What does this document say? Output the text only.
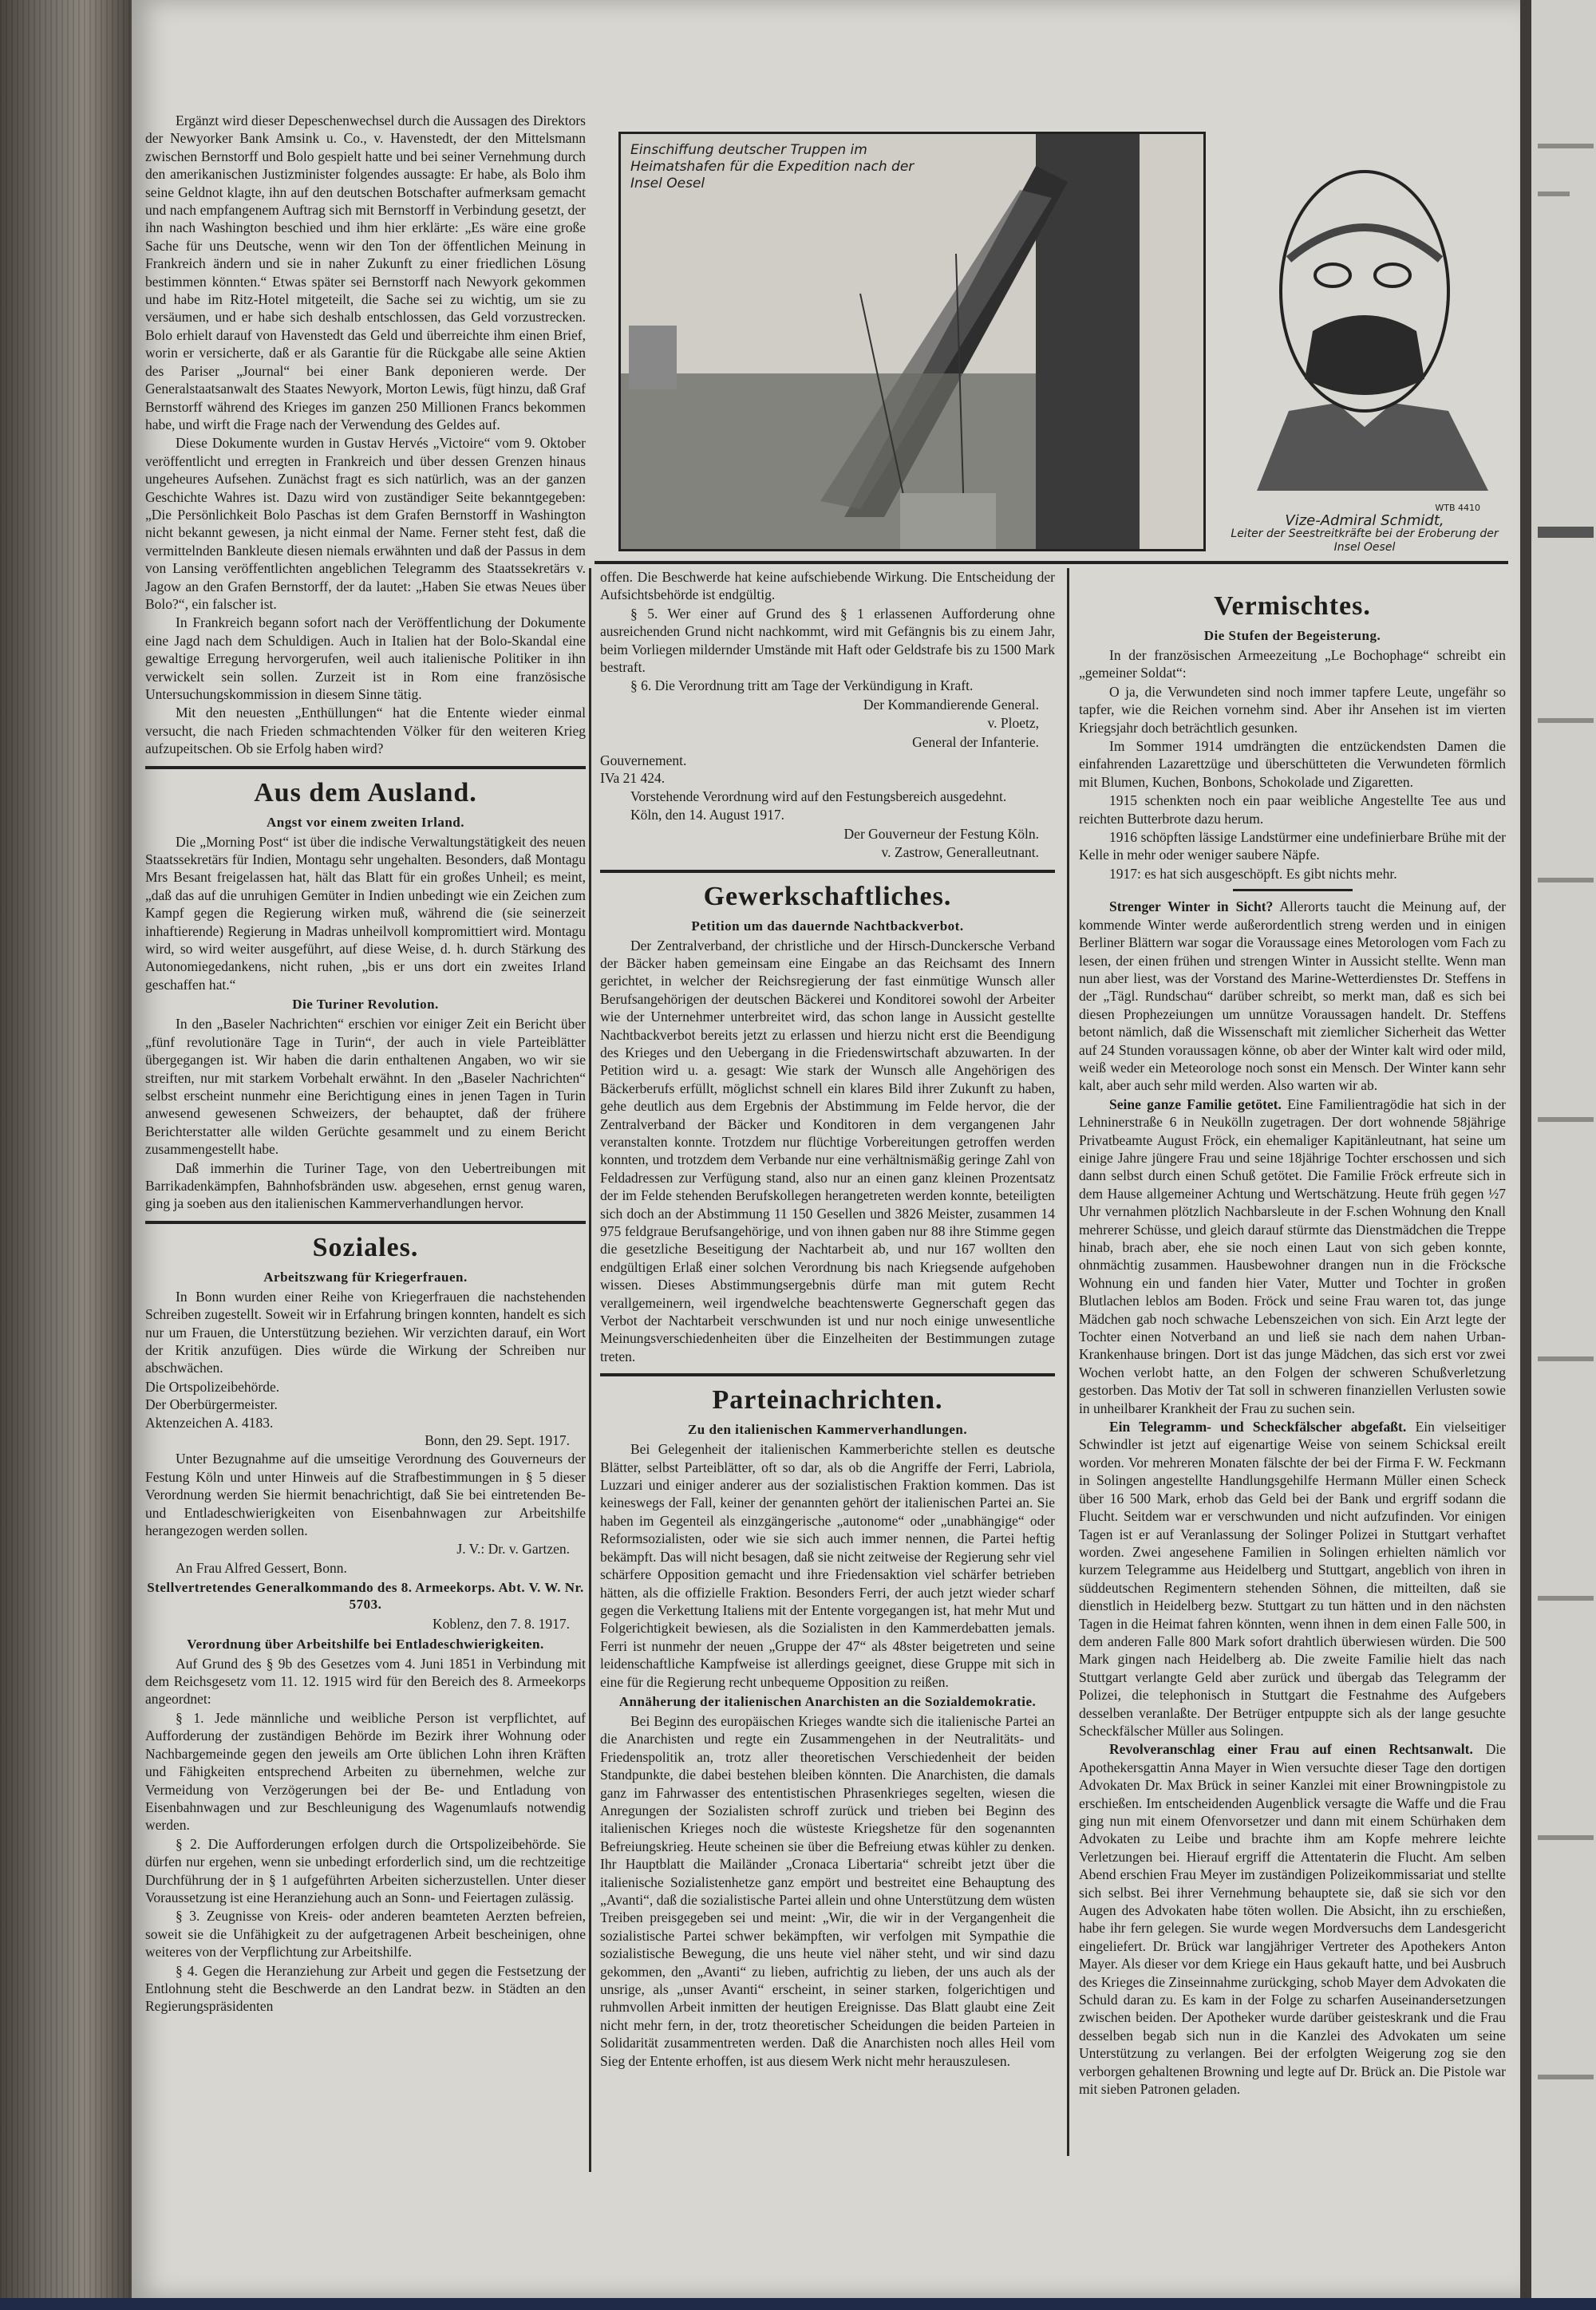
Einschiffung deutscher Truppen im Heimatshafen für die Expedition nach der Insel Oesel
WTB 4410
Vize-Admiral Schmidt,
Leiter der Seestreitkräfte bei der Eroberung der Insel Oesel
Ergänzt wird dieser Depeschenwechsel durch die Aussagen des Direktors der Newyorker Bank Amsink u. Co., v. Havenstedt, der den Mittelsmann zwischen Bernstorff und Bolo gespielt hatte und bei seiner Vernehmung durch den amerikanischen Justizminister folgendes aussagte: Er habe, als Bolo ihm seine Geldnot klagte, ihn auf den deutschen Botschafter aufmerksam gemacht und nach empfangenem Auftrag sich mit Bernstorff in Verbindung gesetzt, der ihn nach Washington beschied und ihm hier erklärte: „Es wäre eine große Sache für uns Deutsche, wenn wir den Ton der öffentlichen Meinung in Frankreich ändern und sie in naher Zukunft zu einer friedlichen Lösung bestimmen könnten.“ Etwas später sei Bernstorff nach Newyork gekommen und habe im Ritz-Hotel mitgeteilt, die Sache sei zu wichtig, um sie zu versäumen, und er habe sich deshalb entschlossen, das Geld vorzustrecken. Bolo erhielt darauf von Havenstedt das Geld und überreichte ihm einen Brief, worin er versicherte, daß er als Garantie für die Rückgabe alle seine Aktien des Pariser „Journal“ bei einer Bank deponieren werde. Der Generalstaatsanwalt des Staates Newyork, Morton Lewis, fügt hinzu, daß Graf Bernstorff während des Krieges im ganzen 250 Millionen Francs bekommen habe, und wirft die Frage nach der Verwendung des Geldes auf.
Diese Dokumente wurden in Gustav Hervés „Victoire“ vom 9. Oktober veröffentlicht und erregten in Frankreich und über dessen Grenzen hinaus ungeheures Aufsehen. Zunächst fragt es sich natürlich, was an der ganzen Geschichte Wahres ist. Dazu wird von zuständiger Seite bekanntgegeben: „Die Persönlichkeit Bolo Paschas ist dem Grafen Bernstorff in Washington nicht bekannt gewesen, ja nicht einmal der Name. Ferner steht fest, daß die vermittelnden Bankleute diesen niemals erwähnten und daß der Passus in dem von Lansing veröffentlichten angeblichen Telegramm des Staatssekretärs v. Jagow an den Grafen Bernstorff, der da lautet: „Haben Sie etwas Neues über Bolo?“, ein falscher ist.
In Frankreich begann sofort nach der Veröffentlichung der Dokumente eine Jagd nach dem Schuldigen. Auch in Italien hat der Bolo-Skandal eine gewaltige Erregung hervorgerufen, weil auch italienische Politiker in ihn verwickelt sein sollen. Zurzeit ist in Rom eine französische Untersuchungskommission in diesem Sinne tätig.
Mit den neuesten „Enthüllungen“ hat die Entente wieder einmal versucht, die nach Frieden schmachtenden Völker für den weiteren Krieg aufzupeitschen. Ob sie Erfolg haben wird?
Aus dem Ausland.
Angst vor einem zweiten Irland.
Die „Morning Post“ ist über die indische Verwaltungstätigkeit des neuen Staatssekretärs für Indien, Montagu sehr ungehalten. Besonders, daß Montagu Mrs Besant freigelassen hat, hält das Blatt für ein großes Unheil; es meint, „daß das auf die unruhigen Gemüter in Indien unbedingt wie ein Zeichen zum Kampf gegen die Regierung wirken muß, während die (sie seinerzeit inhaftierende) Regierung in Madras unheilvoll kompromittiert wird. Montagu wird, so wird weiter ausgeführt, auf diese Weise, d. h. durch Stärkung des Autonomiegedankens, nicht ruhen, „bis er uns dort ein zweites Irland geschaffen hat.“
Die Turiner Revolution.
In den „Baseler Nachrichten“ erschien vor einiger Zeit ein Bericht über „fünf revolutionäre Tage in Turin“, der auch in viele Parteiblätter übergegangen ist. Wir haben die darin enthaltenen Angaben, wo wir sie streiften, nur mit starkem Vorbehalt erwähnt. In den „Baseler Nachrichten“ selbst erscheint nunmehr eine Berichtigung eines in jenen Tagen in Turin anwesend gewesenen Schweizers, der behauptet, daß der frühere Berichterstatter alle wilden Gerüchte gesammelt und zu einem Bericht zusammengestellt habe.
Daß immerhin die Turiner Tage, von den Uebertreibungen mit Barrikadenkämpfen, Bahnhofsbränden usw. abgesehen, ernst genug waren, ging ja soeben aus den italienischen Kammerverhandlungen hervor.
Soziales.
Arbeitszwang für Kriegerfrauen.
In Bonn wurden einer Reihe von Kriegerfrauen die nachstehenden Schreiben zugestellt. Soweit wir in Erfahrung bringen konnten, handelt es sich nur um Frauen, die Unterstützung beziehen. Wir verzichten darauf, ein Wort der Kritik anzufügen. Dies würde die Wirkung der Schreiben nur abschwächen.
Die Ortspolizeibehörde.
Der Oberbürgermeister.
Aktenzeichen A. 4183.
Bonn, den 29. Sept. 1917.
Unter Bezugnahme auf die umseitige Verordnung des Gouverneurs der Festung Köln und unter Hinweis auf die Strafbestimmungen in § 5 dieser Verordnung werden Sie hiermit benachrichtigt, daß Sie bei eintretenden Be- und Entladeschwierigkeiten von Eisenbahnwagen zur Arbeitshilfe herangezogen werden sollen.
J. V.: Dr. v. Gartzen.
An Frau Alfred Gessert, Bonn.
Stellvertretendes Generalkommando des 8. Armeekorps. Abt. V. W. Nr. 5703.
Koblenz, den 7. 8. 1917.
Verordnung über Arbeitshilfe bei Entladeschwierigkeiten.
Auf Grund des § 9b des Gesetzes vom 4. Juni 1851 in Verbindung mit dem Reichsgesetz vom 11. 12. 1915 wird für den Bereich des 8. Armeekorps angeordnet:
§ 1. Jede männliche und weibliche Person ist verpflichtet, auf Aufforderung der zuständigen Behörde im Bezirk ihrer Wohnung oder Nachbargemeinde gegen den jeweils am Orte üblichen Lohn ihren Kräften und Fähigkeiten entsprechend Arbeiten zu übernehmen, welche zur Vermeidung von Verzögerungen bei der Be- und Entladung von Eisenbahnwagen und zur Beschleunigung des Wagenumlaufs notwendig werden.
§ 2. Die Aufforderungen erfolgen durch die Ortspolizeibehörde. Sie dürfen nur ergehen, wenn sie unbedingt erforderlich sind, um die rechtzeitige Durchführung der in § 1 aufgeführten Arbeiten sicherzustellen. Unter dieser Voraussetzung ist eine Heranziehung auch an Sonn- und Feiertagen zulässig.
§ 3. Zeugnisse von Kreis- oder anderen beamteten Aerzten befreien, soweit sie die Unfähigkeit zu der aufgetragenen Arbeit bescheinigen, ohne weiteres von der Verpflichtung zur Arbeitshilfe.
§ 4. Gegen die Heranziehung zur Arbeit und gegen die Festsetzung der Entlohnung steht die Beschwerde an den Landrat bezw. in Städten an den Regierungspräsidenten
offen. Die Beschwerde hat keine aufschiebende Wirkung. Die Entscheidung der Aufsichtsbehörde ist endgültig.
§ 5. Wer einer auf Grund des § 1 erlassenen Aufforderung ohne ausreichenden Grund nicht nachkommt, wird mit Gefängnis bis zu einem Jahr, beim Vorliegen mildernder Umstände mit Haft oder Geldstrafe bis zu 1500 Mark bestraft.
§ 6. Die Verordnung tritt am Tage der Verkündigung in Kraft.
Der Kommandierende General.
v. Ploetz,
General der Infanterie.
Gouvernement.
IVa 21 424.
Vorstehende Verordnung wird auf den Festungsbereich ausgedehnt.
Köln, den 14. August 1917.
Der Gouverneur der Festung Köln.
v. Zastrow, Generalleutnant.
Gewerkschaftliches.
Petition um das dauernde Nachtbackverbot.
Der Zentralverband, der christliche und der Hirsch-Dunckersche Verband der Bäcker haben gemeinsam eine Eingabe an das Reichsamt des Innern gerichtet, in welcher der Reichsregierung der fast einmütige Wunsch aller Berufsangehörigen der deutschen Bäckerei und Konditorei sowohl der Arbeiter wie der Unternehmer unterbreitet wird, das schon lange in Aussicht gestellte Nachtbackverbot bereits jetzt zu erlassen und hierzu nicht erst die Beendigung des Krieges und den Uebergang in die Friedenswirtschaft abzuwarten. In der Petition wird u. a. gesagt: Wie stark der Wunsch alle Angehörigen des Bäckerberufs erfüllt, möglichst schnell ein klares Bild ihrer Zukunft zu haben, gehe deutlich aus dem Ergebnis der Abstimmung im Felde hervor, die der Zentralverband der Bäcker und Konditoren in dem vergangenen Jahr veranstalten konnte. Trotzdem nur flüchtige Vorbereitungen getroffen werden konnten, und trotzdem dem Verbande nur eine verhältnismäßig geringe Zahl von Feldadressen zur Verfügung stand, also nur an einen ganz kleinen Prozentsatz der im Felde stehenden Berufskollegen herangetreten werden konnte, beteiligten sich doch an der Abstimmung 11 150 Gesellen und 3826 Meister, zusammen 14 975 feldgraue Berufsangehörige, und von ihnen gaben nur 88 ihre Stimme gegen die gesetzliche Beseitigung der Nachtarbeit ab, und nur 167 wollten den endgültigen Erlaß einer solchen Verordnung bis nach Kriegsende aufgehoben wissen. Dieses Abstimmungsergebnis dürfe man mit gutem Recht verallgemeinern, weil irgendwelche beachtenswerte Gegnerschaft gegen das Verbot der Nachtarbeit verschwunden ist und nur noch einige unwesentliche Meinungsverschiedenheiten über die Einzelheiten der Bestimmungen zutage treten.
Parteinachrichten.
Zu den italienischen Kammerverhandlungen.
Bei Gelegenheit der italienischen Kammerberichte stellen es deutsche Blätter, selbst Parteiblätter, oft so dar, als ob die Angriffe der Ferri, Labriola, Luzzari und einiger anderer aus der sozialistischen Fraktion kommen. Das ist keineswegs der Fall, keiner der genannten gehört der italienischen Partei an. Sie haben im Gegenteil als einzgängerische „autonome“ oder „unabhängige“ oder Reformsozialisten, oder wie sie sich auch immer nennen, die Partei heftig bekämpft. Das will nicht besagen, daß sie nicht zeitweise der Regierung sehr viel schärfere Opposition gemacht und ihre Friedensaktion viel schärfer betrieben hätten, als die offizielle Fraktion. Besonders Ferri, der auch jetzt wieder scharf gegen die Verkettung Italiens mit der Entente vorgegangen ist, hat mehr Mut und Folgerichtigkeit bewiesen, als die Sozialisten in den Kammerdebatten jemals. Ferri ist nunmehr der neuen „Gruppe der 47“ als 48ster beigetreten und seine leidenschaftliche Kampfweise ist allerdings geeignet, diese Gruppe mit sich in eine für die Regierung recht unbequeme Opposition zu reißen.
Annäherung der italienischen Anarchisten an die Sozialdemokratie.
Bei Beginn des europäischen Krieges wandte sich die italienische Partei an die Anarchisten und regte ein Zusammengehen in der Neutralitäts- und Friedenspolitik an, trotz aller theoretischen Verschiedenheit der beiden Standpunkte, die dabei bestehen bleiben könnten. Die Anarchisten, die damals ganz im Fahrwasser des ententistischen Phrasenkrieges segelten, wiesen die Anregungen der Sozialisten schroff zurück und trieben bei Beginn des italienischen Krieges noch die wüsteste Kriegshetze für den sogenannten Befreiungskrieg. Heute scheinen sie über die Befreiung etwas kühler zu denken. Ihr Hauptblatt die Mailänder „Cronaca Libertaria“ schreibt jetzt über die italienische Sozialistenhetze ganz empört und bestreitet eine Behauptung des „Avanti“, daß die sozialistische Partei allein und ohne Unterstützung dem wüsten Treiben preisgegeben sei und meint: „Wir, die wir in der Vergangenheit die sozialistische Partei schwer bekämpften, wir verfolgen mit Sympathie die sozialistische Bewegung, die uns heute viel näher steht, und wir sind dazu gekommen, den „Avanti“ zu lieben, aufrichtig zu lieben, der uns auch als der unsrige, als „unser Avanti“ erscheint, in seiner starken, folgerichtigen und ruhmvollen Arbeit inmitten der heutigen Ereignisse. Das Blatt glaubt eine Zeit nicht mehr fern, in der, trotz theoretischer Scheidungen die beiden Parteien in Solidarität zusammentreten werden. Daß die Anarchisten noch alles Heil vom Sieg der Entente erhoffen, ist aus diesem Werk nicht mehr herauszulesen.
Vermischtes.
Die Stufen der Begeisterung.
In der französischen Armeezeitung „Le Bochophage“ schreibt ein „gemeiner Soldat“:
O ja, die Verwundeten sind noch immer tapfere Leute, ungefähr so tapfer, wie die Reichen vornehm sind. Aber ihr Ansehen ist im vierten Kriegsjahr doch beträchtlich gesunken.
Im Sommer 1914 umdrängten die entzückendsten Damen die einfahrenden Lazarettzüge und überschütteten die Verwundeten förmlich mit Blumen, Kuchen, Bonbons, Schokolade und Zigaretten.
1915 schenkten noch ein paar weibliche Angestellte Tee aus und reichten Butterbrote dazu herum.
1916 schöpften lässige Landstürmer eine undefinierbare Brühe mit der Kelle in mehr oder weniger saubere Näpfe.
1917: es hat sich ausgeschöpft. Es gibt nichts mehr.
Strenger Winter in Sicht? Allerorts taucht die Meinung auf, der kommende Winter werde außerordentlich streng werden und in einigen Berliner Blättern war sogar die Voraussage eines Metorologen vom Fach zu lesen, der einen frühen und strengen Winter in Aussicht stellte. Wenn man nun aber liest, was der Vorstand des Marine-Wetterdienstes Dr. Steffens in der „Tägl. Rundschau“ darüber schreibt, so merkt man, daß es sich bei diesen Prophezeiungen um unnütze Voraussagen handelt. Dr. Steffens betont nämlich, daß die Wissenschaft mit ziemlicher Sicherheit das Wetter auf 24 Stunden voraussagen könne, ob aber der Winter kalt wird oder mild, weiß weder ein Meteorologe noch sonst ein Mensch. Der Winter kann sehr kalt, aber auch sehr mild werden. Also warten wir ab.
Seine ganze Familie getötet. Eine Familientragödie hat sich in der Lehninerstraße 6 in Neukölln zugetragen. Der dort wohnende 58jährige Privatbeamte August Fröck, ein ehemaliger Kapitänleutnant, hat seine um einige Jahre jüngere Frau und seine 18jährige Tochter erschossen und sich dann selbst durch einen Schuß getötet. Die Familie Fröck erfreute sich in dem Hause allgemeiner Achtung und Wertschätzung. Heute früh gegen ½7 Uhr vernahmen plötzlich Nachbarsleute in der F.schen Wohnung den Knall mehrerer Schüsse, und gleich darauf stürmte das Dienstmädchen die Treppe hinab, brach aber, ehe sie noch einen Laut von sich geben konnte, ohnmächtig zusammen. Hausbewohner drangen nun in die Fröcksche Wohnung ein und fanden hier Vater, Mutter und Tochter in großen Blutlachen leblos am Boden. Fröck und seine Frau waren tot, das junge Mädchen gab noch schwache Lebenszeichen von sich. Ein Arzt legte der Tochter einen Notverband an und ließ sie nach dem nahen Urban-Krankenhause bringen. Dort ist das junge Mädchen, das sich erst vor zwei Wochen verlobt hatte, an den Folgen der schweren Schußverletzung gestorben. Das Motiv der Tat soll in schweren finanziellen Verlusten sowie in unheilbarer Krankheit der Frau zu suchen sein.
Ein Telegramm- und Scheckfälscher abgefaßt. Ein vielseitiger Schwindler ist jetzt auf eigenartige Weise von seinem Schicksal ereilt worden. Vor mehreren Monaten fälschte der bei der Firma F. W. Feckmann in Solingen angestellte Handlungsgehilfe Hermann Müller einen Scheck über 16 500 Mark, erhob das Geld bei der Bank und ergriff sodann die Flucht. Seitdem war er verschwunden und nicht aufzufinden. Vor einigen Tagen ist er auf Veranlassung der Solinger Polizei in Stuttgart verhaftet worden. Zwei angesehene Familien in Solingen erhielten nämlich vor kurzem Telegramme aus Heidelberg und Stuttgart, angeblich von ihren in süddeutschen Regimentern stehenden Söhnen, die mitteilten, daß sie dienstlich in Heidelberg bezw. Stuttgart zu tun hätten und in den nächsten Tagen in die Heimat fahren könnten, wenn ihnen in dem einen Falle 500, in dem anderen Falle 800 Mark sofort drahtlich überwiesen würden. Die 500 Mark gingen nach Heidelberg ab. Die zweite Familie hielt das nach Stuttgart verlangte Geld aber zurück und übergab das Telegramm der Polizei, die telephonisch in Stuttgart die Festnahme des Aufgebers desselben veranlaßte. Der Betrüger entpuppte sich als der lange gesuchte Scheckfälscher Müller aus Solingen.
Revolveranschlag einer Frau auf einen Rechtsanwalt. Die Apothekersgattin Anna Mayer in Wien versuchte dieser Tage den dortigen Advokaten Dr. Max Brück in seiner Kanzlei mit einer Browningpistole zu erschießen. Im entscheidenden Augenblick versagte die Waffe und die Frau ging nun mit einem Ofenvorsetzer und dann mit einem Schürhaken dem Advokaten zu Leibe und brachte ihm am Kopfe mehrere leichte Verletzungen bei. Hierauf ergriff die Attentaterin die Flucht. Am selben Abend erschien Frau Meyer im zuständigen Polizeikommissariat und stellte sich selbst. Bei ihrer Vernehmung behauptete sie, daß sie sich vor den Augen des Advokaten habe töten wollen. Die Absicht, ihn zu erschießen, habe ihr fern gelegen. Sie wurde wegen Mordversuchs dem Landesgericht eingeliefert. Dr. Brück war langjähriger Vertreter des Apothekers Anton Mayer. Als dieser vor dem Kriege ein Haus gekauft hatte, und bei Ausbruch des Krieges die Zinseinnahme zurückging, schob Mayer dem Advokaten die Schuld daran zu. Es kam in der Folge zu scharfen Auseinandersetzungen zwischen beiden. Der Apotheker wurde darüber geisteskrank und die Frau desselben begab sich nun in die Kanzlei des Advokaten um seine Unterstützung zu verlangen. Bei der erfolgten Weigerung zog sie den verborgen gehaltenen Browning und legte auf Dr. Brück an. Die Pistole war mit sieben Patronen geladen.
